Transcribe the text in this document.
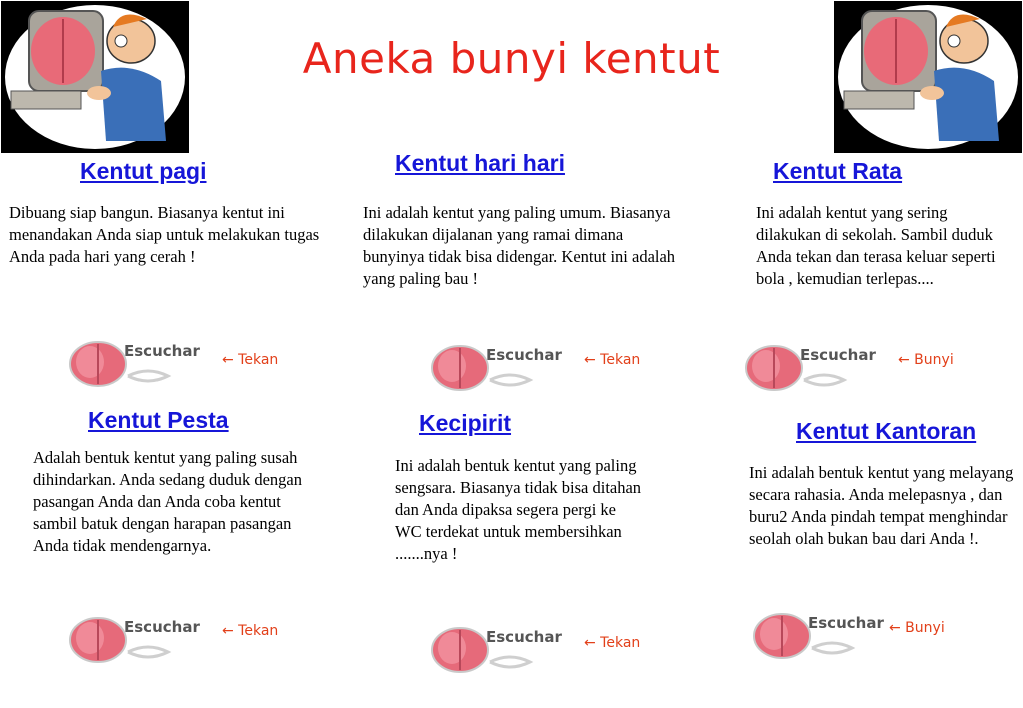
Aneka bunyi kentut
Kentut pagi
Dibuang siap bangun. Biasanya kentut ini menandakan Anda siap untuk melakukan tugas Anda pada hari yang cerah !
Escuchar ← Tekan
Kentut hari hari
Ini adalah kentut yang paling umum. Biasanya dilakukan dijalanan yang ramai dimana bunyinya tidak bisa didengar. Kentut ini adalah yang paling bau !
Escuchar ← Tekan
Kentut Rata
Ini adalah kentut yang sering dilakukan di sekolah. Sambil duduk Anda tekan dan terasa keluar seperti bola , kemudian terlepas....
Escuchar ← Bunyi
Kentut Pesta
Adalah bentuk kentut yang paling susah dihindarkan. Anda sedang duduk dengan pasangan Anda dan Anda coba kentut sambil batuk dengan harapan pasangan Anda tidak mendengarnya.
Escuchar ← Tekan
Kecipirit
Ini adalah bentuk kentut yang paling sengsara. Biasanya tidak bisa ditahan dan Anda dipaksa segera pergi ke WC terdekat untuk membersihkan .......nya !
Escuchar ← Tekan
Kentut Kantoran
Ini adalah bentuk kentut yang melayang secara rahasia. Anda melepasnya , dan buru2 Anda pindah tempat menghindar seolah olah bukan bau dari Anda !.
Escuchar ← Bunyi
